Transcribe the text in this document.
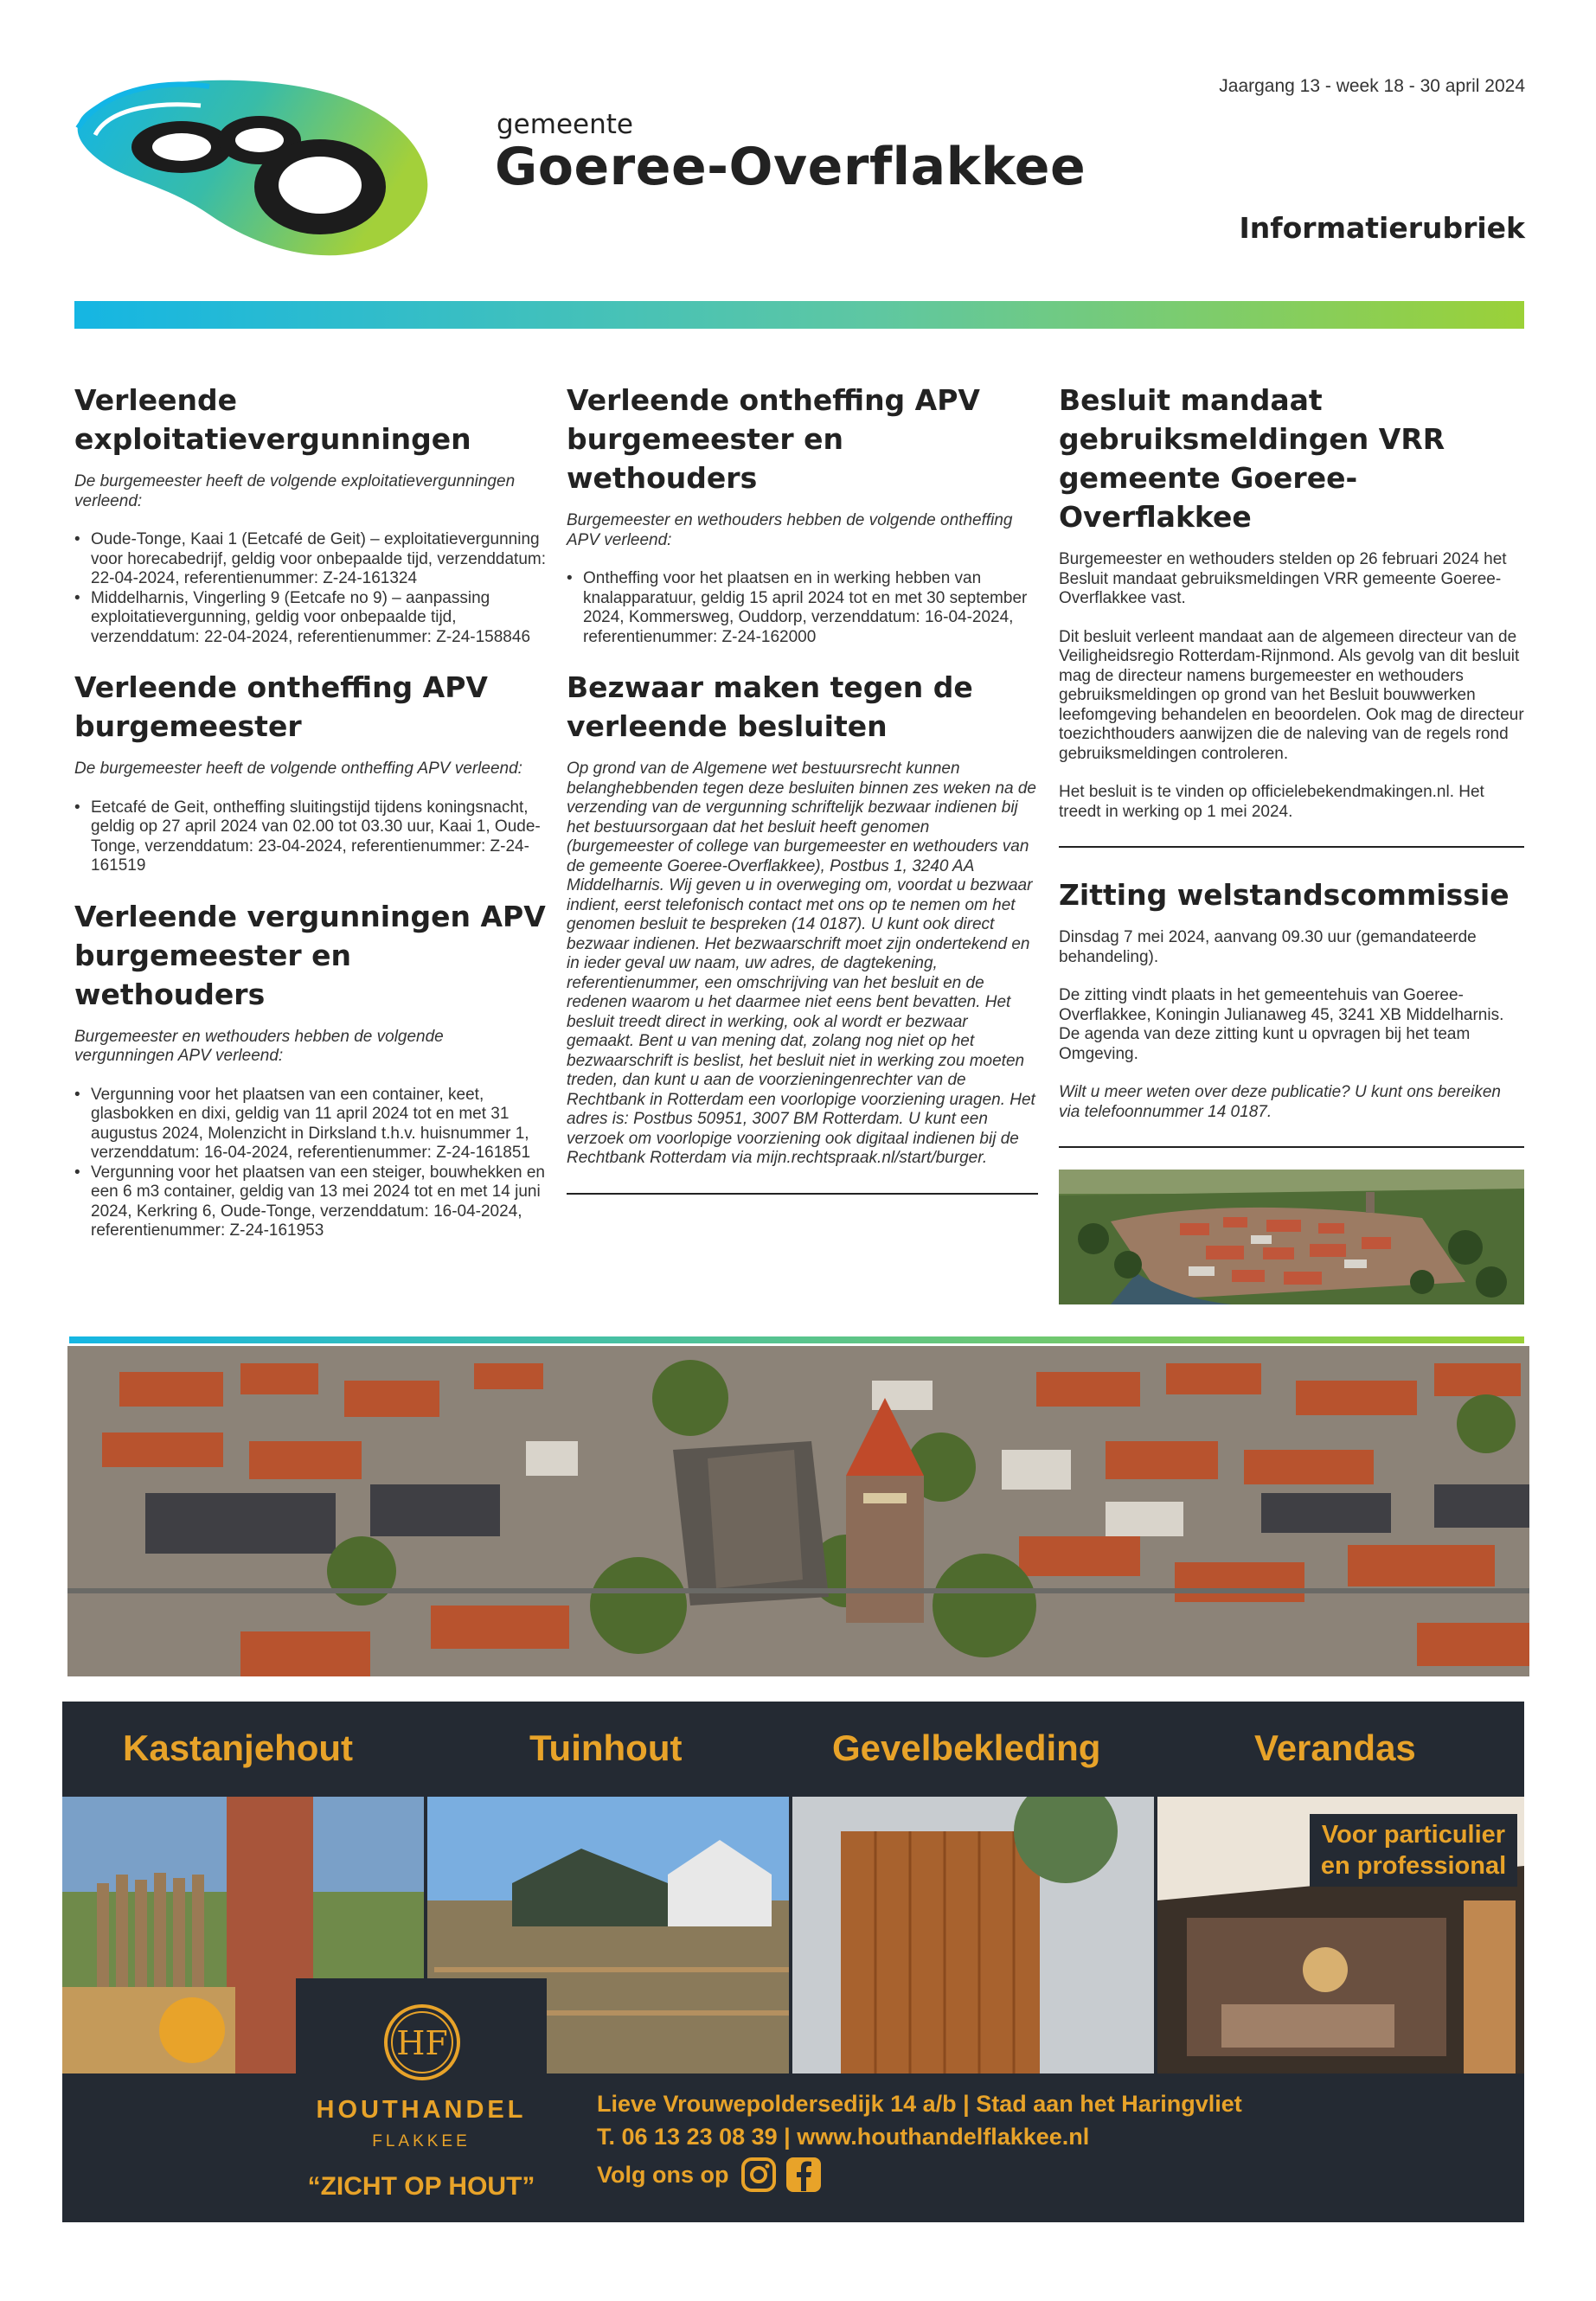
gemeente
Goeree-Overflakkee
Jaargang 13 - week 18 - 30 april 2024
Informatierubriek
Verleende exploitatievergunningen

De burgemeester heeft de volgende exploitatievergunningen verleend:

• Oude-Tonge, Kaai 1 (Eetcafé de Geit) – exploitatievergunning voor horecabedrijf, geldig voor onbepaalde tijd, verzenddatum: 22-04-2024, referentienummer: Z-24-161324
• Middelharnis, Vingerling 9 (Eetcafe no 9) – aanpassing exploitatievergunning, geldig voor onbepaalde tijd, verzenddatum: 22-04-2024, referentienummer: Z-24-158846
Verleende ontheffing APV burgemeester

De burgemeester heeft de volgende ontheffing APV verleend:

• Eetcafé de Geit, ontheffing sluitingstijd tijdens koningsnacht, geldig op 27 april 2024 van 02.00 tot 03.30 uur, Kaai 1, Oude-Tonge, verzenddatum: 23-04-2024, referentienummer: Z-24-161519
Verleende vergunningen APV burgemeester en wethouders

Burgemeester en wethouders hebben de volgende vergunningen APV verleend:

• Vergunning voor het plaatsen van een container, keet, glasbokken en dixi, geldig van 11 april 2024 tot en met 31 augustus 2024, Molenzicht in Dirksland t.h.v. huisnummer 1, verzenddatum: 16-04-2024, referentienummer: Z-24-161851
• Vergunning voor het plaatsen van een steiger, bouwhekken en een 6 m3 container, geldig van 13 mei 2024 tot en met 14 juni 2024, Kerkring 6, Oude-Tonge, verzenddatum: 16-04-2024, referentienummer: Z-24-161953
Verleende ontheffing APV burgemeester en wethouders

Burgemeester en wethouders hebben de volgende ontheffing APV verleend:

• Ontheffing voor het plaatsen en in werking hebben van knalapparatuur, geldig 15 april 2024 tot en met 30 september 2024, Kommersweg, Ouddorp, verzenddatum: 16-04-2024, referentienummer: Z-24-162000
Bezwaar maken tegen de verleende besluiten

Op grond van de Algemene wet bestuursrecht kunnen belanghebbenden tegen deze besluiten binnen zes weken na de verzending van de vergunning schriftelijk bezwaar indienen bij het bestuursorgaan dat het besluit heeft genomen (burgemeester of college van burgemeester en wethouders van de gemeente Goeree-Overflakkee), Postbus 1, 3240 AA Middelharnis. Wij geven u in overweging om, voordat u bezwaar indient, eerst telefonisch contact met ons op te nemen om het genomen besluit te bespreken (14 0187). U kunt ook direct bezwaar indienen. Het bezwaarschrift moet zijn ondertekend en in ieder geval uw naam, uw adres, de dagtekening, referentienummer, een omschrijving van het besluit en de redenen waarom u het daarmee niet eens bent bevatten. Het besluit treedt direct in werking, ook al wordt er bezwaar gemaakt. Bent u van mening dat, zolang nog niet op het bezwaarschrift is beslist, het besluit niet in werking zou moeten treden, dan kunt u aan de voorzieningenrechter van de Rechtbank in Rotterdam een voorlopige voorziening uragen. Het adres is: Postbus 50951, 3007 BM Rotterdam. U kunt een verzoek om voorlopige voorziening ook digitaal indienen bij de Rechtbank Rotterdam via mijn.rechtspraak.nl/start/burger.

Besluit mandaat gebruiksmeldingen VRR gemeente Goeree-Overflakkee

Burgemeester en wethouders stelden op 26 februari 2024 het Besluit mandaat gebruiksmeldingen VRR gemeente Goeree-Overflakkee vast.

Dit besluit verleent mandaat aan de algemeen directeur van de Veiligheidsregio Rotterdam-Rijnmond. Als gevolg van dit besluit mag de directeur namens burgemeester en wethouders gebruiksmeldingen op grond van het Besluit bouwwerken leefomgeving behandelen en beoordelen. Ook mag de directeur toezichthouders aanwijzen die de naleving van de regels rond gebruiksmeldingen controleren.

Het besluit is te vinden op officielebekendmakingen.nl. Het treedt in werking op 1 mei 2024.

Zitting welstandscommissie

Dinsdag 7 mei 2024, aanvang 09.30 uur (gemandateerde behandeling).

De zitting vindt plaats in het gemeentehuis van Goeree-Overflakkee, Koningin Julianaweg 45, 3241 XB Middelharnis. De agenda van deze zitting kunt u opvragen bij het team Omgeving.

Wilt u meer weten over deze publicatie? U kunt ons bereiken via telefoonnummer 14 0187.

Kastanjehout	Tuinhout	Gevelbekleding	Verandas
Voor particulier
en professional
HF
HOUTHANDEL
FLAKKEE
“ZICHT OP HOUT”
Lieve Vrouwepoldersedijk 14 a/b | Stad aan het Haringvliet
T. 06 13 23 08 39 | www.houthandelflakkee.nl
Volg ons op
